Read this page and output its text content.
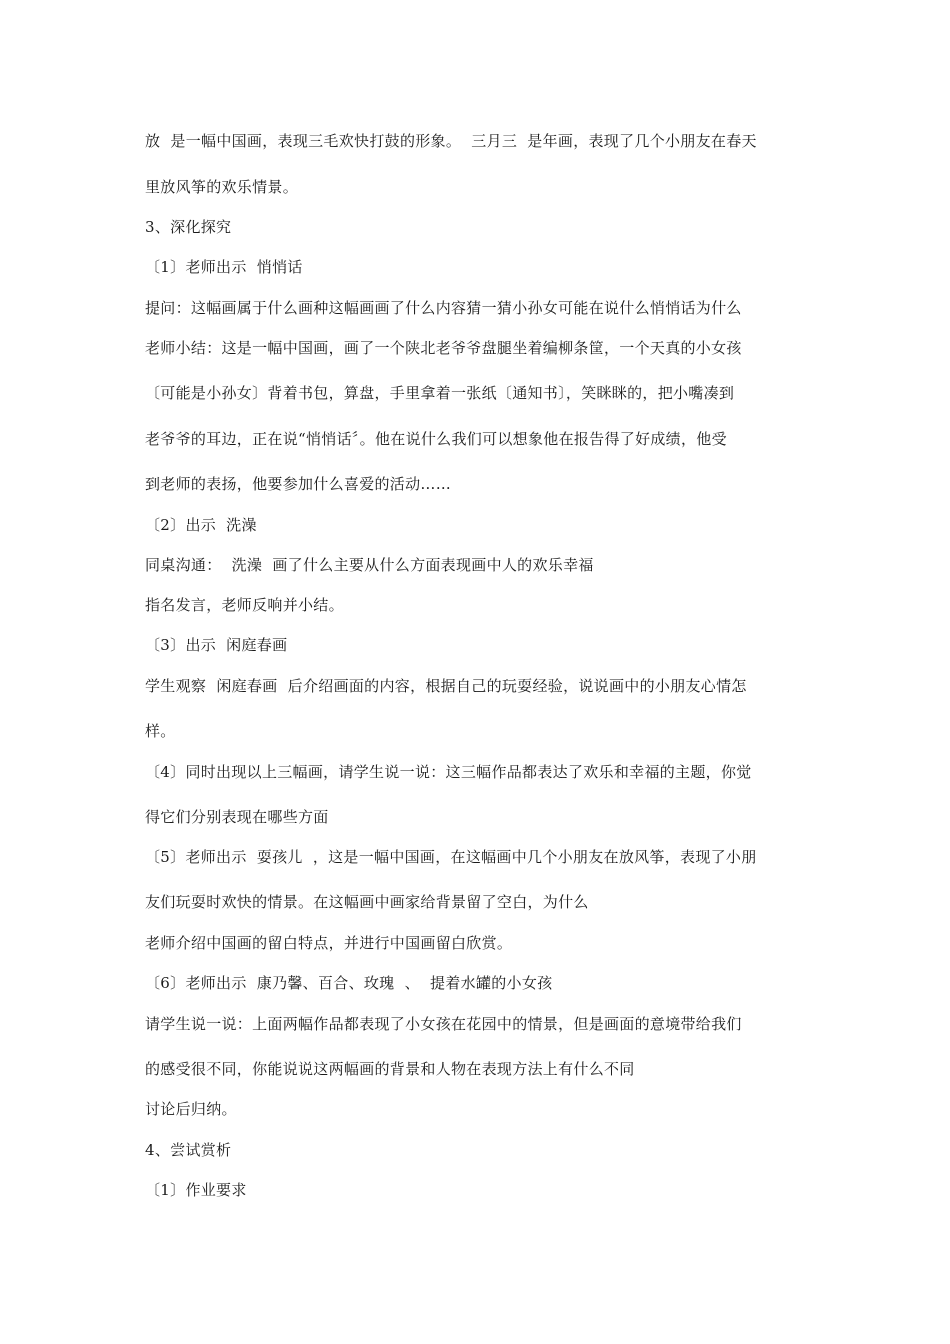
放  是一幅中国画，表现三毛欢快打鼓的形象。  三月三  是年画，表现了几个小朋友在春天
里放风筝的欢乐情景。
3、深化探究
〔1〕老师出示  悄悄话
提问：这幅画属于什么画种这幅画画了什么内容猜一猜小孙女可能在说什么悄悄话为什么
老师小结：这是一幅中国画，画了一个陕北老爷爷盘腿坐着编柳条筐，一个天真的小女孩
〔可能是小孙女〕背着书包，算盘，手里拿着一张纸〔通知书〕，笑眯眯的，把小嘴凑到
老爷爷的耳边，正在说“悄悄话〞。他在说什么我们可以想象他在报告得了好成绩，他受
到老师的表扬，他要参加什么喜爱的活动……
〔2〕出示  洗澡
同桌沟通：  洗澡  画了什么主要从什么方面表现画中人的欢乐幸福
指名发言，老师反响并小结。
〔3〕出示  闲庭春画
学生观察  闲庭春画  后介绍画面的内容，根据自己的玩耍经验，说说画中的小朋友心情怎
样。
〔4〕同时出现以上三幅画，请学生说一说：这三幅作品都表达了欢乐和幸福的主题，你觉
得它们分别表现在哪些方面
〔5〕老师出示  耍孩儿  ，这是一幅中国画，在这幅画中几个小朋友在放风筝，表现了小朋
友们玩耍时欢快的情景。在这幅画中画家给背景留了空白，为什么
老师介绍中国画的留白特点，并进行中国画留白欣赏。
〔6〕老师出示  康乃馨、百合、玫瑰  、  提着水罐的小女孩
请学生说一说：上面两幅作品都表现了小女孩在花园中的情景，但是画面的意境带给我们
的感受很不同，你能说说这两幅画的背景和人物在表现方法上有什么不同
讨论后归纳。
4、尝试赏析
〔1〕作业要求
